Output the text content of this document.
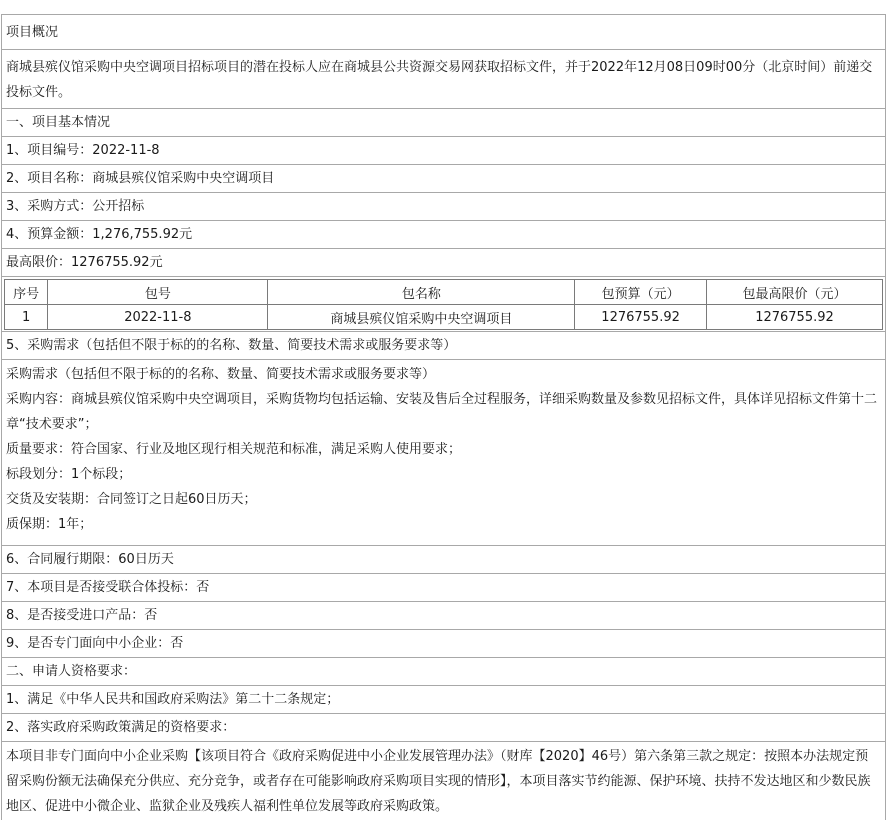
项目概况
商城县殡仪馆采购中央空调项目招标项目的潜在投标人应在商城县公共资源交易网获取招标文件，并于2022年12月08日09时00分（北京时间）前递交投标文件。
一、项目基本情况
1、项目编号：2022-11-8
2、项目名称：商城县殡仪馆采购中央空调项目
3、采购方式：公开招标
4、预算金额：1,276,755.92元
最高限价：1276755.92元
序号	包号	包名称	包预算（元）	包最高限价（元）
1	2022-11-8	商城县殡仪馆采购中央空调项目	1276755.92	1276755.92
5、采购需求（包括但不限于标的的名称、数量、简要技术需求或服务要求等）
采购需求（包括但不限于标的的名称、数量、简要技术需求或服务要求等）
采购内容：商城县殡仪馆采购中央空调项目，采购货物均包括运输、安装及售后全过程服务，详细采购数量及参数见招标文件，具体详见招标文件第十二章“技术要求”；
质量要求：符合国家、行业及地区现行相关规范和标准，满足采购人使用要求；
标段划分：1个标段；
交货及安装期：合同签订之日起60日历天；
质保期：1年；
6、合同履行期限：60日历天
7、本项目是否接受联合体投标：否
8、是否接受进口产品：否
9、是否专门面向中小企业：否
二、申请人资格要求：
1、满足《中华人民共和国政府采购法》第二十二条规定；
2、落实政府采购政策满足的资格要求：
本项目非专门面向中小企业采购【该项目符合《政府采购促进中小企业发展管理办法》（财库【2020】46号）第六条第三款之规定：按照本办法规定预留采购份额无法确保充分供应、充分竞争，或者存在可能影响政府采购项目实现的情形】，本项目落实节约能源、保护环境、扶持不发达地区和少数民族地区、促进中小微企业、监狱企业及残疾人福利性单位发展等政府采购政策。
